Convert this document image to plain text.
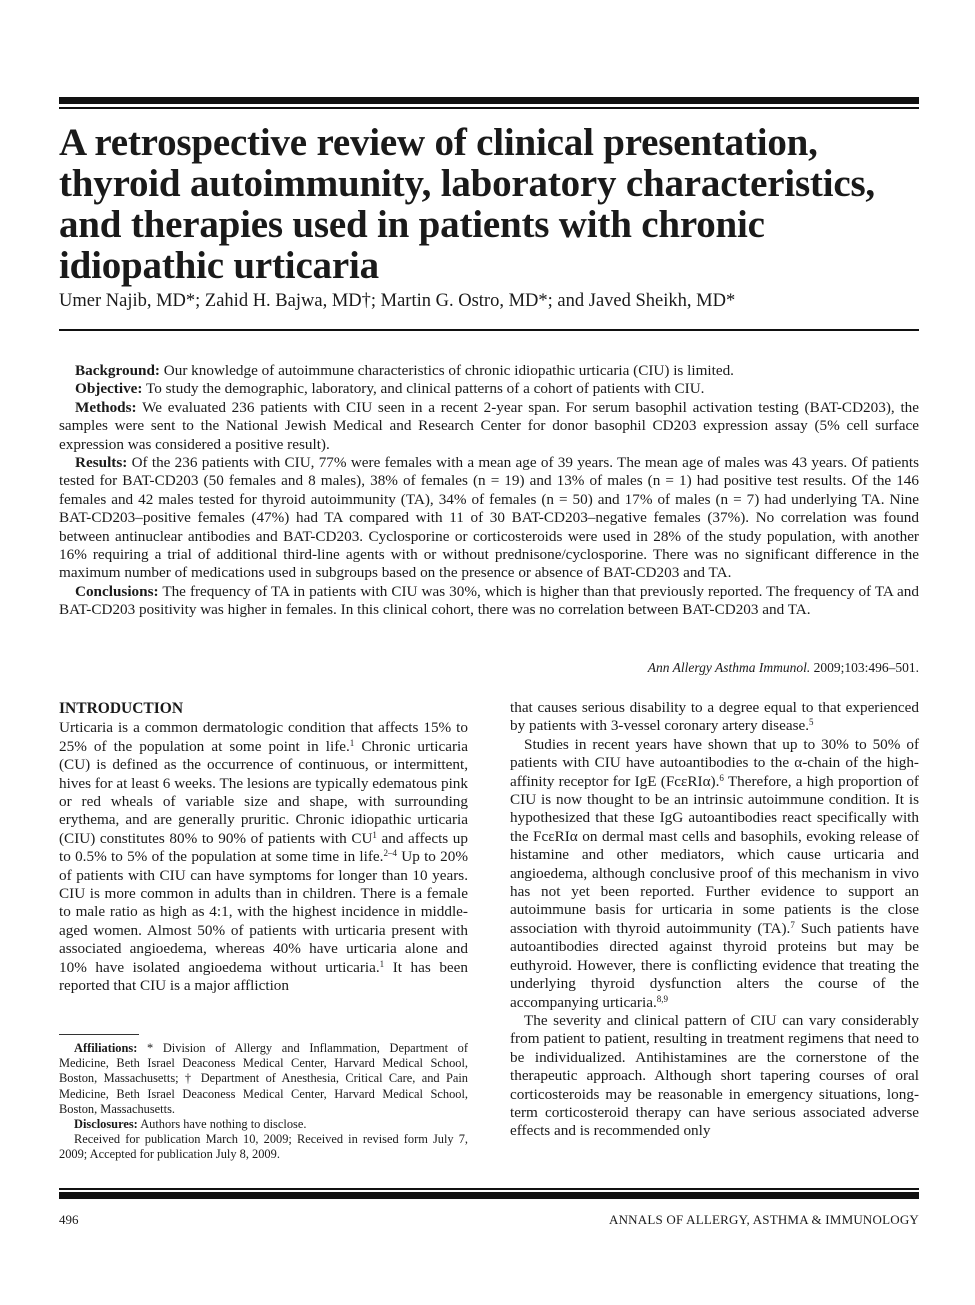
A retrospective review of clinical presentation, thyroid autoimmunity, laboratory characteristics, and therapies used in patients with chronic idiopathic urticaria
Umer Najib, MD*; Zahid H. Bajwa, MD†; Martin G. Ostro, MD*; and Javed Sheikh, MD*

Background: Our knowledge of autoimmune characteristics of chronic idiopathic urticaria (CIU) is limited.

Objective: To study the demographic, laboratory, and clinical patterns of a cohort of patients with CIU.

Methods: We evaluated 236 patients with CIU seen in a recent 2-year span. For serum basophil activation testing (BAT-CD203), the samples were sent to the National Jewish Medical and Research Center for donor basophil CD203 expression assay (5% cell surface expression was considered a positive result).

Results: Of the 236 patients with CIU, 77% were females with a mean age of 39 years. The mean age of males was 43 years. Of patients tested for BAT-CD203 (50 females and 8 males), 38% of females (n = 19) and 13% of males (n = 1) had positive test results. Of the 146 females and 42 males tested for thyroid autoimmunity (TA), 34% of females (n = 50) and 17% of males (n = 7) had underlying TA. Nine BAT-CD203–positive females (47%) had TA compared with 11 of 30 BAT-CD203–negative females (37%). No correlation was found between antinuclear antibodies and BAT-CD203. Cyclosporine or corticosteroids were used in 28% of the study population, with another 16% requiring a trial of additional third-line agents with or without prednisone/cyclosporine. There was no significant difference in the maximum number of medications used in subgroups based on the presence or absence of BAT-CD203 and TA.

Conclusions: The frequency of TA in patients with CIU was 30%, which is higher than that previously reported. The frequency of TA and BAT-CD203 positivity was higher in females. In this clinical cohort, there was no correlation between BAT-CD203 and TA.

Ann Allergy Asthma Immunol. 2009;103:496–501.
INTRODUCTION

Urticaria is a common dermatologic condition that affects 15% to 25% of the population at some point in life.$^1$ Chronic urticaria (CU) is defined as the occurrence of continuous, or intermittent, hives for at least 6 weeks. The lesions are typically edematous pink or red wheals of variable size and shape, with surrounding erythema, and are generally pruritic. Chronic idiopathic urticaria (CIU) constitutes 80% to 90% of patients with $CU^1$ and affects up to 0.5% to 5% of the population at some time in life.$^{2-4}$ Up to 20% of patients with CIU can have symptoms for longer than 10 years. CIU is more common in adults than in children. There is a female to male ratio as high as 4:1, with the highest incidence in middle-aged women. Almost 50% of patients with urticaria present with associated angioedema, whereas 40% have urticaria alone and 10% have isolated angioedema without urticaria.$^1$ It has been reported that CIU is a major affliction

Affiliations: * Division of Allergy and Inflammation, Department of Medicine, Beth Israel Deaconess Medical Center, Harvard Medical School, Boston, Massachusetts; † Department of Anesthesia, Critical Care, and Pain Medicine, Beth Israel Deaconess Medical Center, Harvard Medical School, Boston, Massachusetts.

Disclosures: Authors have nothing to disclose.

Received for publication March 10, 2009; Received in revised form July 7, 2009; Accepted for publication July 8, 2009.

that causes serious disability to a degree equal to that experienced by patients with 3-vessel coronary artery disease.$^5$

Studies in recent years have shown that up to 30% to 50% of patients with CIU have autoantibodies to the α-chain of the high-affinity receptor for IgE (FcεRIα).$^6$ Therefore, a high proportion of CIU is now thought to be an intrinsic autoimmune condition. It is hypothesized that these IgG autoantibodies react specifically with the FcεRIα on dermal mast cells and basophils, evoking release of histamine and other mediators, which cause urticaria and angioedema, although conclusive proof of this mechanism in vivo has not yet been reported. Further evidence to support an autoimmune basis for urticaria in some patients is the close association with thyroid autoimmunity (TA).$^7$ Such patients have autoantibodies directed against thyroid proteins but may be euthyroid. However, there is conflicting evidence that treating the underlying thyroid dysfunction alters the course of the accompanying urticaria.$^{8,9}$

The severity and clinical pattern of CIU can vary considerably from patient to patient, resulting in treatment regimens that need to be individualized. Antihistamines are the cornerstone of the therapeutic approach. Although short tapering courses of oral corticosteroids may be reasonable in emergency situations, long-term corticosteroid therapy can have serious associated adverse effects and is recommended only

496	ANNALS OF ALLERGY, ASTHMA & IMMUNOLOGY
